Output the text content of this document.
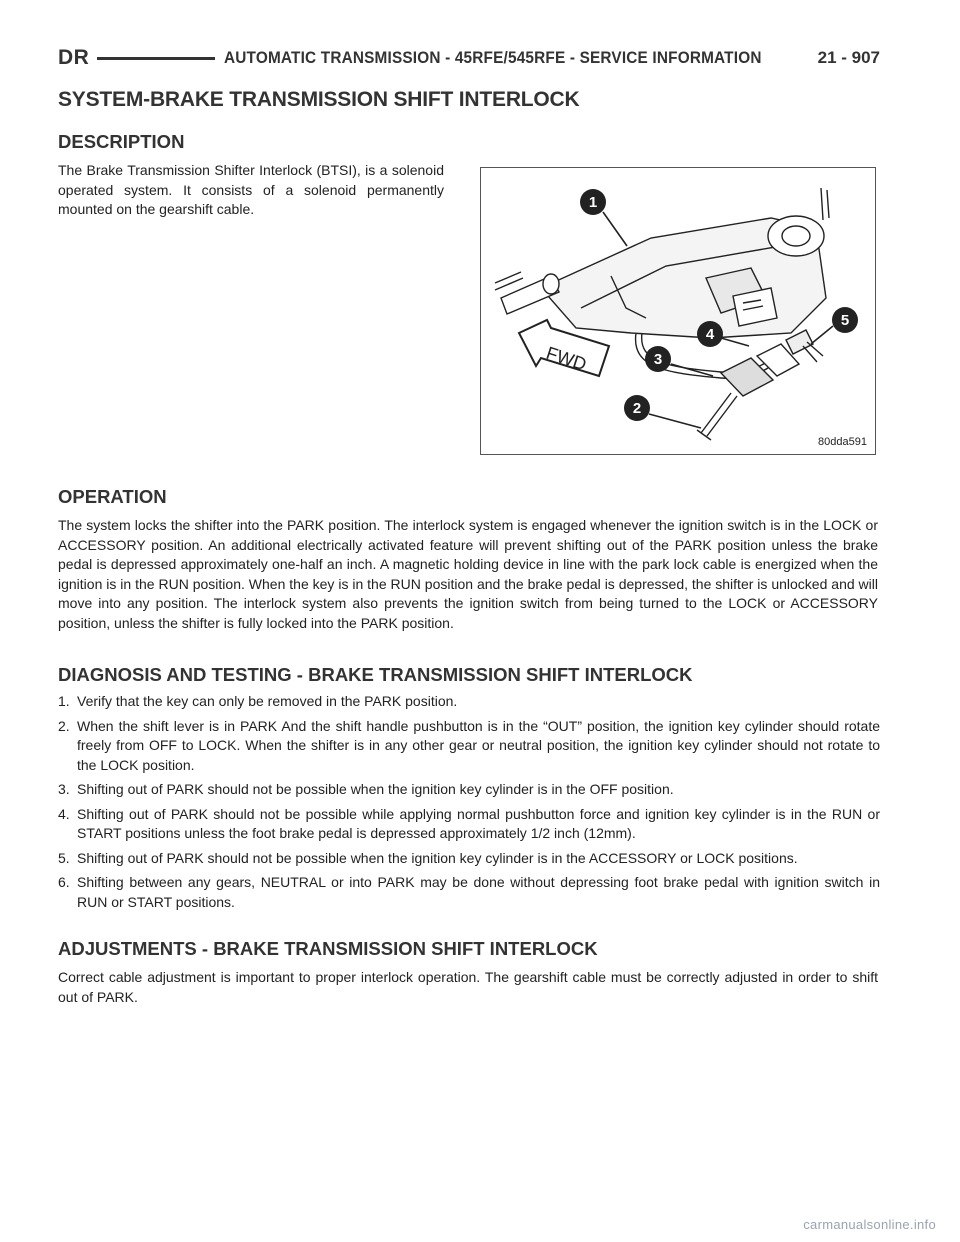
DR	AUTOMATIC TRANSMISSION - 45RFE/545RFE - SERVICE INFORMATION	21 - 907
SYSTEM-BRAKE TRANSMISSION SHIFT INTERLOCK
DESCRIPTION
The Brake Transmission Shifter Interlock (BTSI), is a solenoid operated system. It consists of a solenoid permanently mounted on the gearshift cable.
FWD
1
2
3
4
5
80dda591
OPERATION
The system locks the shifter into the PARK position. The interlock system is engaged whenever the ignition switch is in the LOCK or ACCESSORY position. An additional electrically activated feature will prevent shifting out of the PARK position unless the brake pedal is depressed approximately one-half an inch. A magnetic holding device in line with the park lock cable is energized when the ignition is in the RUN position. When the key is in the RUN position and the brake pedal is depressed, the shifter is unlocked and will move into any position. The interlock system also prevents the ignition switch from being turned to the LOCK or ACCESSORY position, unless the shifter is fully locked into the PARK position.
DIAGNOSIS AND TESTING - BRAKE TRANSMISSION SHIFT INTERLOCK
1. Verify that the key can only be removed in the PARK position.
2. When the shift lever is in PARK And the shift handle pushbutton is in the “OUT” position, the ignition key cylinder should rotate freely from OFF to LOCK. When the shifter is in any other gear or neutral position, the ignition key cylinder should not rotate to the LOCK position.
3. Shifting out of PARK should not be possible when the ignition key cylinder is in the OFF position.
4. Shifting out of PARK should not be possible while applying normal pushbutton force and ignition key cylinder is in the RUN or START positions unless the foot brake pedal is depressed approximately 1/2 inch (12mm).
5. Shifting out of PARK should not be possible when the ignition key cylinder is in the ACCESSORY or LOCK positions.
6. Shifting between any gears, NEUTRAL or into PARK may be done without depressing foot brake pedal with ignition switch in RUN or START positions.
ADJUSTMENTS - BRAKE TRANSMISSION SHIFT INTERLOCK
Correct cable adjustment is important to proper interlock operation. The gearshift cable must be correctly adjusted in order to shift out of PARK.
carmanualsonline.info
